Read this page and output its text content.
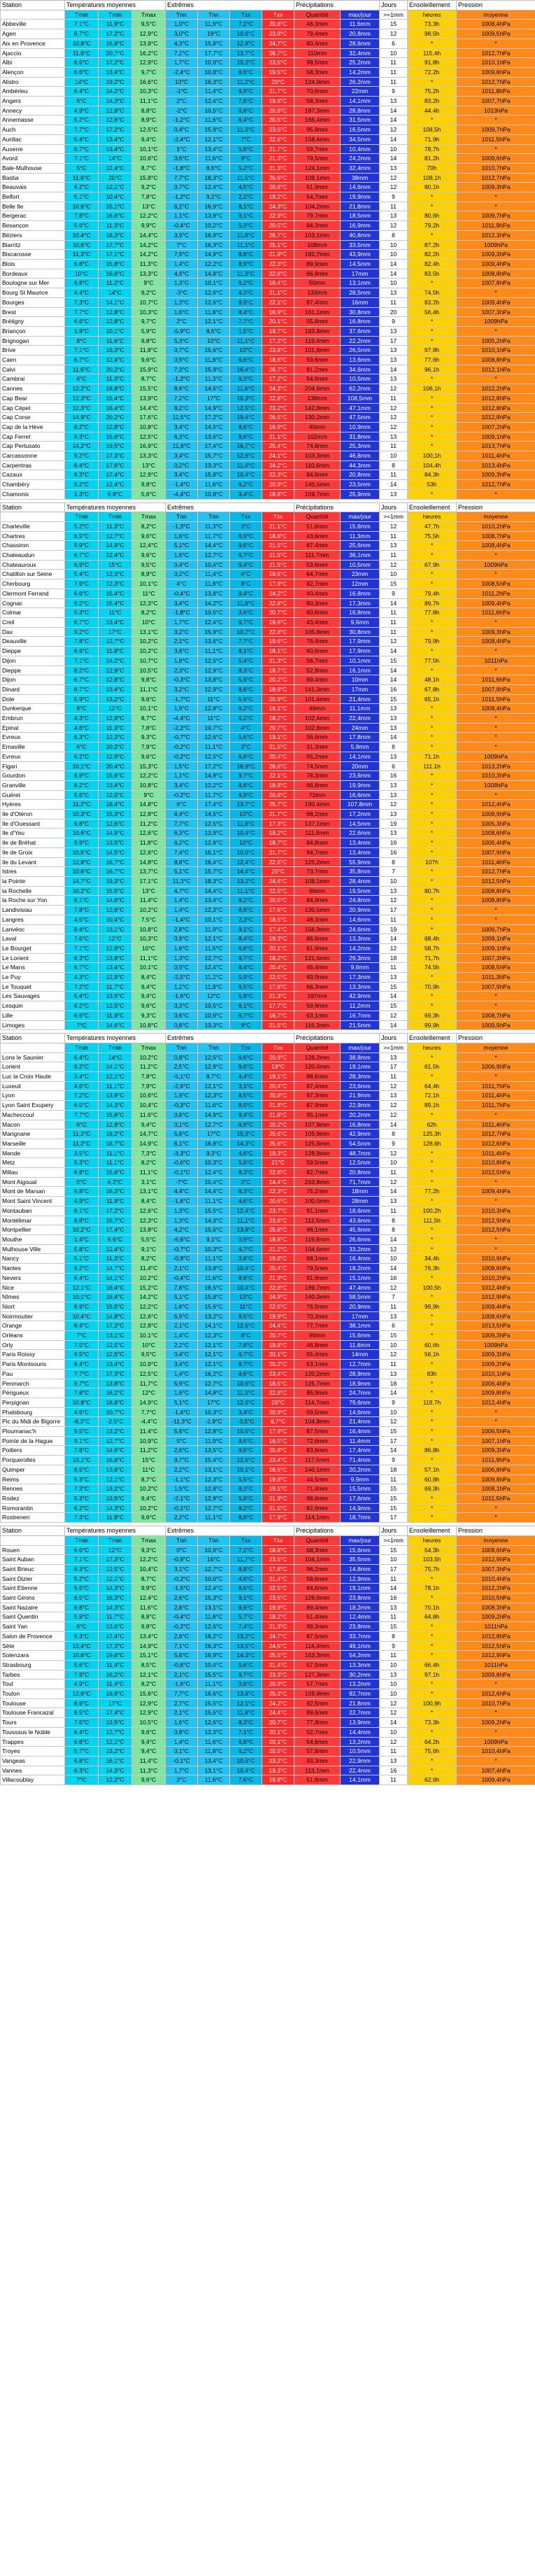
Station	Températures moyennes			Extrêmes				Précipitations		Jours	Ensoleillement	Pression
	Tmin	Tmin	Tmax	Tnn	Tnn	Txx	Txx	Quantité	max/jour	>=1mm	heures	moyenne
Abbeville	7,1°C	11,9°C	9,5°C	1,0°C	11,9°C	7,2°C	20,8°C	46,3mm	11,6mm	15	73,3h	1008,4hPa
Agen	8,7°C	17,2°C	12,9°C	3,0°C	19°C	10,6°C	23,8°C	79,4mm	20,8mm	12	98,5h	1009,5hPa
Aix en Provence	10,8°C	16,9°C	13,9°C	4,3°C	15,8°C	12,8°C	24,7°C	80,4mm	28,6mm	6	*	*
Ajaccio	11,6°C	20,7°C	16,2°C	7,2°C	17,7°C	13,7°C	26,7°C	110mm	32,4mm	10	115,4h	1012,7hPa
Albi	8,6°C	17,2°C	12,9°C	1,7°C	10,9°C	10,2°C	23,5°C	98,5mm	25,2mm	11	91,8h	1010,1hPa
Alençon	6,6°C	13,4°C	9,7°C	-2,4°C	10,8°C	6,6°C	19,5°C	58,3mm	14,2mm	11	72,2h	1009,8hPa
Alistro	14°C	19,2°C	16,6°C	10°C	16,3°C	11,2°C	26°C	124,9mm	26,2mm	11	*	1012,7hPa
Ambérieu	6,4°C	14,2°C	10,3°C	-1°C	11,4°C	6,9°C	21,7°C	70,6mm	22mm	9	75,2h	1011,8hPa
Angers	6°C	14,3°C	11,1°C	2°C	12,4°C	7,8°C	19,8°C	58,3mm	14,1mm	13	83,2h	1007,7hPa
Annecy	4,9°C	12,8°C	8,8°C	-2°C	10,5°C	6,8°C	20,8°C	187,3mm	28,8mm	14	44,4h	1013hPa
Annemasse	5,2°C	12,6°C	8,9°C	-1,2°C	11,6°C	6,4°C	20,5°C	165,4mm	31,5mm	14	*	*
Auch	7,7°C	17,2°C	12,5°C	0,4°C	15,9°C	11,3°C	23,5°C	95,8mm	16,5mm	12	108,5h	1009,7hPa
Aurillac	5,4°C	13,4°C	9,4°C	-2,4°C	12,1°C	7°C	22,6°C	158,4mm	34,5mm	14	71,9h	1011,5hPa
Auxerre	6,7°C	13,4°C	10,1°C	1°C	13,4°C	5,8°C	21,7°C	59,7mm	10,4mm	10	78,7h	*
Avord	7,1°C	14°C	10,6°C	0,6°C	11,6°C	9°C	21,3°C	79,5mm	24,2mm	14	81,2h	1009,6hPa
Bale-Mulhouse	5°C	12,4°C	8,7°C	-1,8°C	8,6°C	5,2°C	21,3°C	124,1mm	32,4mm	13	70h	1010,7hPa
Bastia	11,6°C	20°C	15,8°C	7,7°C	18,3°C	11,5°C	25,6°C	109,1mm	38mm	12	108,1h	1012,7hPa
Beauvais	6,2°C	12,1°C	9,2°C	0,7°C	12,4°C	4,5°C	20,8°C	51,9mm	14,6mm	12	80,1h	1009,3hPa
Belfort	5,1°C	10,4°C	7,8°C	-1,2°C	9,2°C	2,2°C	19,2°C	54,7mm	19,9mm	9	*	*
Belle Ile	10,6°C	15,1°C	13°C	6,2°C	16,9°C	8,1°C	24,3°C	104,2mm	21,8mm	11	*	*
Bergerac	7,8°C	16,6°C	12,2°C	1,1°C	13,9°C	9,1°C	22,9°C	79,7mm	18,5mm	13	80,6h	1009,7hPa
Besançon	5,6°C	11,3°C	9,9°C	-0,4°C	10,2°C	5,3°C	20,5°C	84,3mm	16,9mm	12	79,2h	1011,9hPa
Béziers	10,4°C	18,3°C	14,4°C	3,9°C	16,9°C	11,8°C	26,7°C	103,1mm	40,8mm	8	*	1012,3hPa
Biarritz	10,6°C	17,7°C	14,2°C	7°C	16,3°C	11,1°C	25,1°C	108mm	33,5mm	10	87,2h	1009hPa
Biscarosse	11,3°C	17,1°C	14,2°C	7,9°C	14,9°C	8,8°C	21,9°C	182,7mm	43,9mm	10	82,2h	1009,3hPa
Blois	6,8°C	15,8°C	11,3°C	1,4°C	12,2°C	8,9°C	22,3°C	89,9mm	14,5mm	14	82,4h	1009,4hPa
Bordeaux	10°C	16,6°C	13,3°C	4,9°C	14,8°C	11,3°C	22,8°C	66,8mm	17mm	14	83,5h	1008,8hPa
Boulogne sur Mer	6,8°C	11,2°C	9°C	1,3°C	10,1°C	6,2°C	16,4°C	50mm	13,1mm	10	*	1007,8hPa
Bourg St Maurice	4,4°C	14°C	9,2°C	-3°C	12,6°C	4,3°C	21,1°C	133mm	28,5mm	13	74,5h	*
Bourges	7,3°C	14,1°C	10,7°C	1,3°C	12,6°C	8,9°C	22,1°C	87,4mm	16mm	11	83,2h	1009,4hPa
Brest	7,7°C	12,8°C	10,3°C	1,6°C	11,8°C	8,4°C	16,9°C	161,1mm	30,8mm	20	56,4h	1007,3hPa
Brétigny	6,6°C	12,8°C	9,7°C	2°C	12,1°C	7,7°C	20,1°C	55,8mm	16,8mm	9	*	1009hPa
Briançon	1,9°C	10,1°C	5,9°C	-5,9°C	8,6°C	1,5°C	19,7°C	183,8mm	37,6mm	13	*	*
Brignogan	8°C	11,6°C	9,8°C	5,3°C	10°C	11,1°C	17,2°C	119,4mm	22,2mm	17	*	1005,2hPa
Brive	7,1°C	16,3°C	11,8°C	0,7°C	15,6°C	10°C	23,8°C	101,8mm	26,5mm	13	97,8h	1010,1hPa
Caen	6,7°C	12,4°C	9,6°C	0,9°C	11,8°C	6,6°C	18,6°C	59,6mm	13,6mm	13	77,6h	1008,8hPa
Calvi	11,6°C	20,2°C	15,9°C	7,3°C	15,9°C	16,4°C	26,7°C	91,2mm	34,6mm	14	96,1h	1012,1hPa
Cambrai	6°C	11,3°C	8,7°C	-1,2°C	11,3°C	6,3°C	17,2°C	54,6mm	10,5mm	13	*	*
Cannes	12,2°C	18,8°C	15,5°C	8,6°C	14,5°C	11,6°C	24,3°C	204,6mm	62,2mm	12	106,1h	1012,2hPa
Cap Bear	12,3°C	15,4°C	13,9°C	7,2°C	17°C	15,3°C	22,8°C	138mm	108,5mm	11	*	1012,8hPa
Cap Cépet	12,3°C	16,4°C	14,4°C	8,2°C	14,9°C	12,5°C	23,2°C	142,8mm	47,1mm	12	*	1012,8hPa
Cap Corse	14,9°C	20,2°C	17,6°C	11,5°C	17,2°C	19,4°C	26,5°C	130,2mm	47,5mm	12	*	1012,8hPa
Cap de la Hève	8,2°C	12,8°C	10,8°C	3,4°C	14,5°C	8,6°C	16,9°C	40mm	10,9mm	12	*	1007,2hPa
Cap Ferret	9,3°C	15,6°C	12,5°C	6,3°C	13,6°C	8,6°C	21,1°C	102mm	31,8mm	13	*	1009,1hPa
Cap Pertusato	14,2°C	19,5°C	16,9°C	11,8°C	17,4°C	16,7°C	25,4°C	74,8mm	25,3mm	11	*	1013,7hPa
Carcassonne	9,2°C	17,3°C	13,3°C	3,4°C	15,7°C	12,6°C	24,1°C	103,3mm	46,8mm	10	100,1h	1011,4hPa
Carpentras	8,4°C	17,6°C	13°C	0,2°C	13,3°C	11,4°C	24,2°C	110,6mm	44,3mm	8	104,4h	1013,4hPa
Cazaux	8,3°C	17,4°C	12,9°C	3,4°C	15,8°C	10,4°C	22,3°C	84,6mm	20,8mm	11	84,3h	1009,3hPa
Chambéry	5,2°C	12,4°C	9,8°C	-1,4°C	11,6°C	6,2°C	20,9°C	140,5mm	23,5mm	14	53h	1012,7hPa
Chamonix	1,3°C	9,8°C	5,6°C	-4,4°C	10,8°C	3,4°C	18,8°C	159,7mm	25,9mm	13	*	*

Station	Températures moyennes			Extrêmes				Précipitations		Jours	Ensoleillement	Pression
	Tmin	Tmin	Tmax	Tnn	Tnn	Txx	Txx	Quantité	max/jour	>=1mm	heures	moyenne
Charleville	5,2°C	11,3°C	8,2°C	-1,3°C	11,3°C	3°C	21,1°C	51,6mm	15,6mm	12	47,7h	1010,2hPa
Chartres	6,5°C	12,7°C	9,6°C	1,6°C	11,7°C	6,9°C	18,8°C	43,6mm	11,3mm	11	75,5h	1008,7hPa
Chassiron	9,9°C	14,9°C	12,4°C	5,1°C	14,4°C	9,6°C	21,5°C	87,4mm	25,6mm	13	*	1008,4hPa
Chateaudun	6,7°C	12,4°C	9,6°C	1,6°C	12,7°C	6,7°C	21,5°C	111,7mm	36,1mm	11	*	*
Chateauroux	6,9°C	15°C	9,5°C	0,4°C	10,4°C	9,4°C	21,5°C	53,6mm	10,5mm	12	67,9h	1009hPa
Chatillon sur Seine	5,4°C	12,3°C	8,9°C	0,2°C	11,4°C	4°C	19,6°C	64,7mm	23mm	10	*	*
Cherbourg	7,9°C	12,3°C	10,1°C	4°C	11,8°C	8°C	17,9°C	82,7mm	12mm	15	*	1008,5hPa
Clermont Ferrand	6,6°C	15,4°C	11°C	-0,4°C	13,8°C	9,4°C	24,2°C	40,4mm	16,8mm	9	79,4h	1011,2hPa
Cognac	9,2°C	15,4°C	12,3°C	3,4°C	14,2°C	11,8°C	22,8°C	80,3mm	17,3mm	14	89,7h	1009,4hPa
Colmar	5,3°C	11°C	8,2°C	-1,8°C	10,5°C	3,6°C	20,7°C	60,6mm	16,8mm	11	77,8h	1011,6hPa
Creil	6,7°C	13,4°C	10°C	1,7°C	12,4°C	6,7°C	19,6°C	43,4mm	9,6mm	11	*	*
Dax	9,2°C	17°C	13,1°C	3,2°C	15,9°C	10,7°C	22,8°C	105,8mm	30,8mm	11	*	1009,3hPa
Deauville	7,8°C	12,7°C	10,2°C	2,1°C	13,6°C	7,7°C	19,6°C	76,4mm	17,9mm	12	79,9h	1008,4hPa
Dieppe	8,6°C	11,8°C	10,2°C	3,6°C	11,1°C	8,1°C	18,1°C	60,6mm	17,9mm	14	*	*
Dijon	7,1°C	14,2°C	10,7°C	1,8°C	12,5°C	5,4°C	21,3°C	56,7mm	10,1mm	15	77,5h	1011hPa
Dieppe	8,2°C	12,9°C	10,5°C	2,3°C	12,9°C	8,3°C	18,7°C	52,8mm	16,1mm	14	*	*
Dijon	6,7°C	12,8°C	9,8°C	-0,3°C	13,8°C	5,9°C	20,2°C	69,4mm	10mm	14	48,1h	1011,6hPa
Dinard	8,7°C	13,4°C	11,1°C	3,2°C	12,9°C	8,6°C	18,9°C	141,3mm	17mm	16	67,8h	1007,8hPa
Dole	5,9°C	13,2°C	9,6°C	-1,7°C	11°C	5,9°C	20,9°C	101,4mm	21,4mm	15	65,1h	1011,5hPa
Dunkerque	8°C	12°C	10,1°C	1,9°C	12,8°C	6,2°C	16,1°C	49mm	11,1mm	13	*	1008,4hPa
Embrun	4,3°C	12,9°C	8,7°C	-4,4°C	11°C	5,2°C	18,2°C	102,4mm	22,4mm	13	*	*
Epinal	4,8°C	11,3°C	7,8°C	-2,2°C	10,7°C	4°C	20,7°C	102,8mm	24mm	13	*	*
Evreux	6,3°C	12,3°C	9,3°C	-0,7°C	12,6°C	5,6°C	19,1°C	56,6mm	17,8mm	14	*	*
Ernaville	6°C	10,2°C	7,9°C	-0,2°C	11,1°C	2°C	21,5°C	31,3mm	5,8mm	8	*	*
Evreux	6,2°C	12,9°C	9,6°C	-0,2°C	12,5°C	6,8°C	20,4°C	55,2mm	14,1mm	13	71,1h	1009hPa
Figari	10,1°C	20,4°C	15,3°C	1,5°C	17,2°C	16,9°C	26,6°C	74,5mm	20mm	6	111,1h	1013,2hPa
Gourdon	8,9°C	15,6°C	12,2°C	1,1°C	14,9°C	9,7°C	22,1°C	78,3mm	23,6mm	16	*	1010,3hPa
Granville	8,2°C	13,4°C	10,8°C	3,4°C	12,2°C	8,6°C	18,8°C	66,8mm	19,9mm	13	*	1008hPa
Guéret	5,6°C	12,5°C	9°C	-0,2°C	11,7°C	6,9°C	20,8°C	72mm	16,6mm	13	*	*
Hyères	11,2°C	18,4°C	14,8°C	6°C	17,4°C	13,7°C	25,7°C	190,4mm	107,8mm	12	*	1012,4hPa
Ile d'Oléron	10,3°C	15,3°C	12,8°C	6,4°C	14,5°C	10°C	21,7°C	68,2mm	17,2mm	13	*	1008,9hPa
Ile d'Ouessant	9,8°C	12,6°C	11,2°C	7,7°C	12,5°C	11,8°C	17,3°C	137,1mm	14,5mm	19	*	1005,3hPa
Ile d'Yeu	10,6°C	14,5°C	12,6°C	6,3°C	13,9°C	10,4°C	19,2°C	111,8mm	22,6mm	13	*	1008,6hPa
Ile de Bréhat	9,9°C	13,5°C	11,8°C	6,2°C	12,8°C	10°C	18,7°C	84,8mm	13,4mm	16	*	1006,4hPa
Ile de Groix	10,5°C	14,5°C	12,6°C	7,4°C	16,1°C	10,6°C	21,7°C	94,7mm	13,4mm	16	*	1007,9hPa
Ile du Levant	12,8°C	16,7°C	14,8°C	8,8°C	16,4°C	12,4°C	22,6°C	125,2mm	55,9mm	8	107h	1011,4hPa
Istres	10,6°C	16,7°C	13,7°C	5,1°C	15,7°C	14,4°C	25°C	73,7mm	35,8mm	7	*	1012,7hPa
la Pointe	14,7°C	19,3°C	17,1°C	11,3°C	18,3°C	13,2°C	24,6°C	108,1mm	28,4mm	10	*	1012,5hPa
la Rochelle	10,2°C	15,5°C	13°C	4,7°C	14,4°C	11,1°C	22,5°C	66mm	19,5mm	13	80,7h	1008,8hPa
la Roche sur Yon	8,1°C	14,6°C	11,4°C	1,4°C	13,4°C	9,2°C	20,5°C	84,9mm	24,8mm	12	*	1008,8hPa
Landivisiau	7,8°C	12,6°C	10,2°C	1,4°C	12,3°C	8,8°C	17,6°C	130,5mm	20,9mm	17	*	*
Langres	4,5°C	10,4°C	7,5°C	-1,4°C	10,1°C	2,3°C	18,5°C	48,3mm	14,6mm	11	*	*
Lanvéoc	8,4°C	13,1°C	10,8°C	2,8°C	11,9°C	9,1°C	17,4°C	156,9mm	24,6mm	19	*	1006,7hPa
Laval	7,6°C	12°C	10,3°C	0,9°C	12,1°C	8,4°C	19,3°C	66,6mm	13,3mm	14	68,4h	1008,1hPa
Le Bourget	7,1°C	12,9°C	10°C	1,6°C	11,5°C	6,6°C	20,1°C	61,9mm	14,2mm	12	58,7h	1009,1hPa
Le Lorient	8,3°C	13,8°C	11,1°C	1,3°C	12,7°C	9,7°C	18,2°C	121,6mm	29,3mm	18	71,7h	1007,3hPa
Le Mans	6,7°C	13,4°C	10,1°C	0,9°C	12,4°C	8,4°C	20,4°C	46,4mm	9,6mm	11	74,5h	1008,5hPa
Le Puy	4,3°C	12,9°C	8,4°C	-2,5°C	11,2°C	5,9°C	22,5°C	89,9mm	17,3mm	13	*	1011,3hPa
Le Touquet	7,2°C	11,7°C	9,4°C	1,2°C	11,8°C	6,5°C	17,8°C	66,3mm	13,3mm	15	70,9h	1007,9hPa
Les Sauvages	5,4°C	13,5°C	9,4°C	-1,6°C	12°C	5,8°C	21,3°C	187mm	42,9mm	14	*	*
Lesquin	6,2°C	12,5°C	9,6°C	0,3°C	10,5°C	6,1°C	17,7°C	59,9mm	11,2mm	15	*	*
Lille	6,6°C	11,9°C	9,3°C	0,6°C	10,9°C	6,7°C	16,7°C	63,1mm	16,7mm	12	69,3h	1008,7hPa
Limoges	7°C	14,6°C	10,8°C	0,8°C	13,3°C	9°C	21,5°C	116,3mm	21,5mm	14	99,9h	1009,9hPa

Station	Températures moyennes			Extrêmes				Précipitations		Jours	Ensoleillement	Pression
	Tmin	Tmin	Tmax	Tnn	Tnn	Txx	Txx	Quantité	max/jour	>=1mm	heures	moyenne
Lons le Saunier	6,4°C	14°C	10,2°C	0,8°C	12,5°C	6,6°C	20,9°C	126,2mm	38,8mm	13	*	*
Lorient	8,2°C	14,1°C	11,2°C	2,5°C	12,9°C	9,6°C	19°C	120,6mm	19,1mm	17	61,5h	1006,9hPa
Luc la Croix Haute	3,4°C	12,1°C	7,8°C	-5,1°C	8,7°C	4,4°C	19,1°C	88,6mm	28,3mm	11	*	*
Luxeuil	4,6°C	11,1°C	7,9°C	-2,6°C	12,1°C	3,1°C	20,4°C	87,4mm	23,6mm	12	64,4h	1011,7hPa
Lyon	7,2°C	13,9°C	10,6°C	1,9°C	12,3°C	8,5°C	20,8°C	97,3mm	21,9mm	13	72,1h	1011,4hPa
Lyon Saint Exupery	6,5°C	14,3°C	10,4°C	-0,3°C	11,6°C	8,9°C	21,8°C	87,9mm	22,9mm	12	89,1h	1011,7hPa
Macheccoul	7,7°C	15,6°C	11,6°C	0,8°C	14,9°C	9,4°C	21,8°C	95,1mm	20,2mm	12	*	*
Macon	6°C	12,9°C	9,4°C	0,1°C	12,7°C	6,9°C	20,2°C	107,9mm	16,8mm	14	62h	1011,4hPa
Marignane	11,2°C	18,2°C	14,7°C	5,8°C	17°C	15,3°C	25,6°C	105,9mm	42,9mm	8	125,3h	1012,7hPa
Marseille	11,2°C	18,7°C	14,9°C	6,1°C	16,8°C	14,3°C	25,6°C	125,8mm	54,5mm	9	128,6h	1012,6hPa
Mende	3,5°C	11,1°C	7,3°C	-3,3°C	9,3°C	4,6°C	19,3°C	128,8mm	48,7mm	12	*	1011,4hPa
Metz	5,3°C	11,1°C	8,2°C	-0,6°C	10,3°C	5,8°C	21°C	59,5mm	12,5mm	10	*	1010,8hPa
Millau	6,8°C	15,6°C	11,1°C	-0,1°C	12,4°C	8,3°C	22,8°C	82,7mm	20,8mm	11	*	1012,5hPa
Mont Aigoual	0°C	6,2°C	3,1°C	-7°C	10,4°C	2°C	14,4°C	263,8mm	71,7mm	12	*	*
Mont de Marsan	9,8°C	16,3°C	13,1°C	4,4°C	14,4°C	8,3°C	22,3°C	75,2mm	18mm	14	77,2h	1009,4hPa
Mont Saint Vincent	4,9°C	11,9°C	8,4°C	-1,6°C	11,1°C	4,6°C	20,6°C	100,6mm	28mm	13	*	*
Montauban	8,1°C	17,2°C	12,6°C	1,3°C	15,5°C	12,4°C	23,7°C	91,1mm	18,6mm	11	100,2h	1010,3hPa
Montélimar	8,8°C	15,7°C	12,3°C	1,3°C	14,3°C	11,1°C	23,6°C	112,5mm	43,6mm	8	111,5h	1012,9hPa
Montpellier	10,2°C	17,4°C	13,8°C	4,2°C	15,6°C	13,8°C	25,8°C	96,1mm	45,6mm	8	*	1012,5hPa
Mouthe	1,4°C	9,6°C	5,5°C	-6,6°C	9,1°C	0,9°C	18,8°C	119,8mm	26,6mm	14	*	*
Mulhouse Ville	5,8°C	12,4°C	9,1°C	-0,7°C	10,3°C	4,7°C	21,2°C	104,6mm	33,2mm	12	*	*
Nancy	5,1°C	11,3°C	8,2°C	-0,9°C	11,1°C	3,8°C	19,8°C	68,1mm	16,4mm	10	34,4h	1010,9hPa
Nantes	8,2°C	14,7°C	11,4°C	2,1°C	13,8°C	10,4°C	20,4°C	79,5mm	18,2mm	14	76,3h	1008,6hPa
Nevers	6,4°C	14,1°C	10,2°C	-0,4°C	11,6°C	8,8°C	21,9°C	91,9mm	15,1mm	16	*	1010,2hPa
Nice	12,1°C	18,4°C	15,2°C	7,8°C	16,5°C	10,4°C	22,8°C	189,7mm	47,4mm	12	100,5h	1012,4hPa
Nîmes	10,1°C	18,4°C	14,2°C	5,1°C	15,8°C	13°C	24,9°C	140,3mm	58,5mm	7	*	1012,9hPa
Niort	8,9°C	15,5°C	12,2°C	1,6°C	15,6°C	11°C	22,5°C	76,5mm	20,9mm	11	99,9h	1009,4hPa
Noirmoutier	10,4°C	14,8°C	12,6°C	5,9°C	13,2°C	9,5°C	19,9°C	70,3mm	17mm	13	*	1008,6hPa
Orange	8,4°C	17,2°C	12,8°C	2,1°C	14,1°C	12,6°C	24,4°C	77,7mm	38,1mm	6	*	1013,5hPa
Orléans	7°C	13,1°C	10,1°C	1,4°C	12,3°C	8°C	20,7°C	96mm	15,6mm	15	*	1009,3hPa
Orly	7,5°C	12,5°C	10°C	2,2°C	12,1°C	7,8°C	19,8°C	46,8mm	11,8mm	10	60,6h	1009hPa
Paris Roissy	6,5°C	12,5°C	9,5°C	0,4°C	12,1°C	6,7°C	20,1°C	55,4mm	14mm	12	56,1h	1009,3hPa
Paris Montsouris	8,4°C	13,4°C	10,9°C	3,4°C	12,1°C	8,7°C	20,2°C	53,1mm	12,7mm	11	*	1009,2hPa
Pau	7,7°C	17,3°C	12,5°C	1,4°C	16,2°C	9,6°C	23,4°C	120,2mm	28,9mm	13	83h	1010,1hPa
Penmarch	9,7°C	13,8°C	11,7°C	5,9°C	12,7°C	10,6°C	18,5°C	125,7mm	18,9mm	18	*	1006,4hPa
Périgueux	7,8°C	16,2°C	12°C	1,6°C	14,8°C	11,3°C	22,8°C	86,9mm	24,7mm	14	*	1009,8hPa
Perpignan	10,8°C	18,6°C	14,9°C	5,1°C	17°C	12,6°C	26°C	114,7mm	79,6mm	9	119,7h	1012,4hPa
Phalsbourg	4,6°C	10,7°C	7,7°C	-1,4°C	10,3°C	3,4°C	20,9°C	59,5mm	14,6mm	10	*	*
Pic du Midi de Bigorre	-6,2°C	-2,5°C	-4,4°C	-11,3°C	-2,9°C	-3,5°C	6,7°C	104,8mm	21,4mm	12	*	*
Ploumanac'h	9,5°C	13,2°C	11,4°C	5,6°C	12,8°C	10,5°C	17,9°C	87,5mm	16,4mm	15	*	1006,5hPa
Pointe de la Hague	9,1°C	12,7°C	10,9°C	5°C	11,9°C	9,5°C	16,5°C	72,6mm	11,4mm	17	*	1007,1hPa
Poitiers	7,8°C	14,6°C	11,2°C	2,6°C	13,5°C	9,6°C	20,8°C	83,6mm	17,4mm	14	86,8h	1009,3hPa
Porquerolles	13,1°C	16,9°C	15°C	9,7°C	15,4°C	12,6°C	23,4°C	117,5mm	71,4mm	9	*	1011,9hPa
Quimper	8,5°C	13,6°C	11°C	2,2°C	13,1°C	10,1°C	18,6°C	140,1mm	20,2mm	18	57,1h	1006,8hPa
Reims	5,3°C	12,1°C	8,7°C	-1,1°C	12,3°C	5,5°C	19,8°C	44,5mm	9,9mm	11	60,8h	1009,8hPa
Rennes	7,3°C	13,2°C	10,2°C	1,5°C	12,8°C	8,3°C	19,1°C	71,4mm	15,5mm	15	69,3h	1008,1hPa
Rodez	5,3°C	13,5°C	9,4°C	-2,1°C	12,9°C	5,8°C	21,9°C	98,6mm	17,6mm	15	*	1011,5hPa
Romorantin	6,2°C	14,3°C	10,2°C	-0,1°C	12,7°C	8,2°C	21,5°C	82,9mm	14,9mm	15	*	*
Rostrenen	7,3°C	11,8°C	9,6°C	2,2°C	11,1°C	8,6°C	17,9°C	114,1mm	18,7mm	17	*	*

Station	Températures moyennes			Extrêmes				Précipitations		Jours	Ensoleillement	Pression
	Tmin	Tmin	Tmax	Tnn	Tnn	Txx	Txx	Quantité	max/jour	>=1mm	heures	moyenne
Rouen	6,6°C	12°C	9,3°C	0°C	10,9°C	7,2°C	18,8°C	68,3mm	15,6mm	15	54,3h	1008,6hPa
Saint Auban	7,1°C	17,3°C	12,2°C	-0,9°C	16°C	11,7°C	23,5°C	104,1mm	35,5mm	10	103,5h	1012,9hPa
Saint Brieuc	8,3°C	12,5°C	10,4°C	3,1°C	12,7°C	8,8°C	17,8°C	96,2mm	14,8mm	17	75,7h	1007,3hPa
Saint Dizier	5,2°C	12,1°C	8,7°C	-0,2°C	10,6°C	4,6°C	21,4°C	58,6mm	12,9mm	11	*	1010,4hPa
Saint Etienne	5,6°C	14,3°C	9,9°C	-1,5°C	12,4°C	8,6°C	22,5°C	84,6mm	19,1mm	14	78,1h	1012,2hPa
Saint Girons	8,5°C	16,3°C	12,4°C	2,6°C	15,3°C	9,1°C	23,6°C	126,6mm	23,8mm	16	*	1010,5hPa
Saint Nazaire	8,8°C	14,3°C	11,6°C	2,8°C	13,1°C	9,6°C	19,9°C	89,4mm	18,2mm	13	70,1h	1008,3hPa
Saint Quentin	5,9°C	11,7°C	8,8°C	-0,4°C	11,8°C	5,7°C	18,2°C	51,4mm	12,4mm	11	64,8h	1009,2hPa
Saint Yan	6°C	13,6°C	9,8°C	-0,2°C	12,6°C	7,4°C	21,3°C	99,3mm	23,8mm	15	*	1011hPa
Salon de Provence	9,3°C	17,4°C	13,4°C	2,8°C	16,2°C	13,2°C	24,7°C	87,5mm	33,7mm	8	*	1012,8hPa
Sète	12,4°C	17,3°C	14,9°C	7,1°C	16,3°C	13,5°C	24,5°C	114,4mm	49,1mm	9	*	1012,5hPa
Solenzara	10,6°C	19,6°C	15,1°C	5,6°C	16,9°C	14,3°C	25,5°C	163,3mm	54,2mm	11	*	1012,9hPa
Strasbourg	5,6°C	11,4°C	8,5°C	-0,6°C	10,4°C	5,6°C	21,4°C	57,5mm	13,3mm	10	66,4h	1011hPa
Tarbes	7,9°C	16,2°C	12,1°C	2,1°C	15,5°C	9,7°C	23,3°C	127,3mm	30,2mm	13	97,1h	1009,8hPa
Toul	4,9°C	11,4°C	8,2°C	-1,6°C	11,1°C	3,8°C	20,9°C	57,7mm	13,2mm	10	*	*
Toulon	12,6°C	18,6°C	15,6°C	7,7°C	16,6°C	13,8°C	25,3°C	159,9mm	92,7mm	10	*	1012,6hPa
Toulouse	8,9°C	17°C	12,9°C	2,7°C	15,5°C	12,1°C	24,2°C	92,5mm	21,8mm	12	100,9h	1010,7hPa
Toulouse Francazal	8,5°C	17,4°C	12,9°C	2,1°C	15,6°C	11,8°C	24,4°C	89,6mm	22,7mm	12	*	*
Tours	7,6°C	13,5°C	10,5°C	1,6°C	12,6°C	8,3°C	20,7°C	77,8mm	13,9mm	14	73,3h	1009,2hPa
Tousssus le Noble	6,4°C	12,7°C	9,6°C	0,8°C	12,3°C	7,1°C	20,1°C	52,7mm	14,4mm	10	*	*
Trappes	6,8°C	12,1°C	9,4°C	1,4°C	11,6°C	6,8°C	20,1°C	54,6mm	13,2mm	12	64,2h	1009hPa
Troyes	5,7°C	13,2°C	9,4°C	0,1°C	11,8°C	6,2°C	20,5°C	57,8mm	10,5mm	11	75,6h	1010,4hPa
Vangeas	6,8°C	16,1°C	11,4°C	-0,1°C	13,4°C	10,6°C	23,2°C	93,3mm	22,9mm	13	*	*
Vannes	8,3°C	14,3°C	11,3°C	1,7°C	13,1°C	10,4°C	19,3°C	113,1mm	22,4mm	16	*	1007,4hPa
Villacoublay	7°C	12,2°C	9,6°C	2°C	11,6°C	7,6°C	19,8°C	51,6mm	14,1mm	11	62,6h	1009,4hPa
